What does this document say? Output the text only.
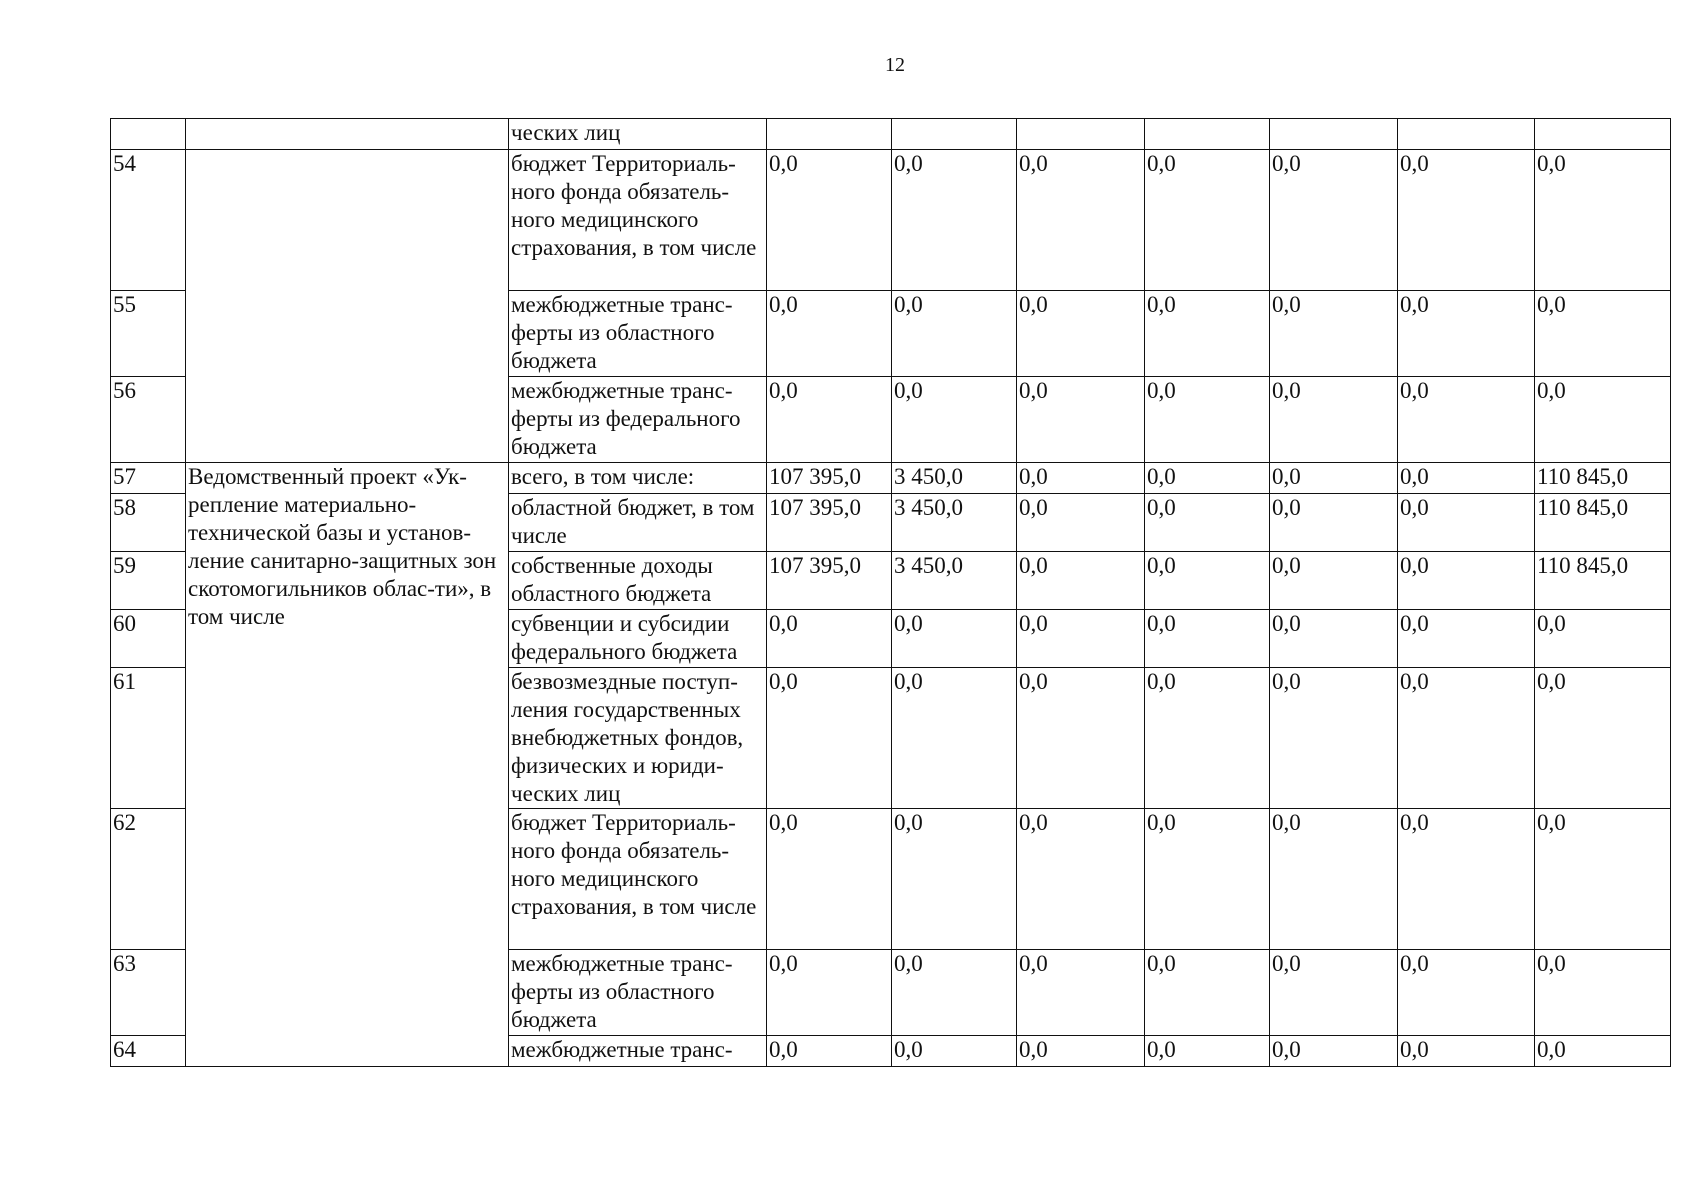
12
		ческих лиц							
54		бюджет Территориаль-ного фонда обязатель-ного медицинского страхования, в том числе	0,0	0,0	0,0	0,0	0,0	0,0	0,0
55		межбюджетные транс-ферты из областного бюджета	0,0	0,0	0,0	0,0	0,0	0,0	0,0
56		межбюджетные транс-ферты из федерального бюджета	0,0	0,0	0,0	0,0	0,0	0,0	0,0
57	Ведомственный проект «Ук-репление материально-технической базы и установ-ление санитарно-защитных зон скотомогильников облас-ти», в том числе	всего, в том числе:	107 395,0	3 450,0	0,0	0,0	0,0	0,0	110 845,0
58		областной бюджет, в том числе	107 395,0	3 450,0	0,0	0,0	0,0	0,0	110 845,0
59		собственные доходы областного бюджета	107 395,0	3 450,0	0,0	0,0	0,0	0,0	110 845,0
60		субвенции и субсидии федерального бюджета	0,0	0,0	0,0	0,0	0,0	0,0	0,0
61		безвозмездные поступ-ления государственных внебюджетных фондов, физических и юриди-ческих лиц	0,0	0,0	0,0	0,0	0,0	0,0	0,0
62		бюджет Территориаль-ного фонда обязатель-ного медицинского страхования, в том числе	0,0	0,0	0,0	0,0	0,0	0,0	0,0
63		межбюджетные транс-ферты из областного бюджета	0,0	0,0	0,0	0,0	0,0	0,0	0,0
64		межбюджетные транс-	0,0	0,0	0,0	0,0	0,0	0,0	0,0
